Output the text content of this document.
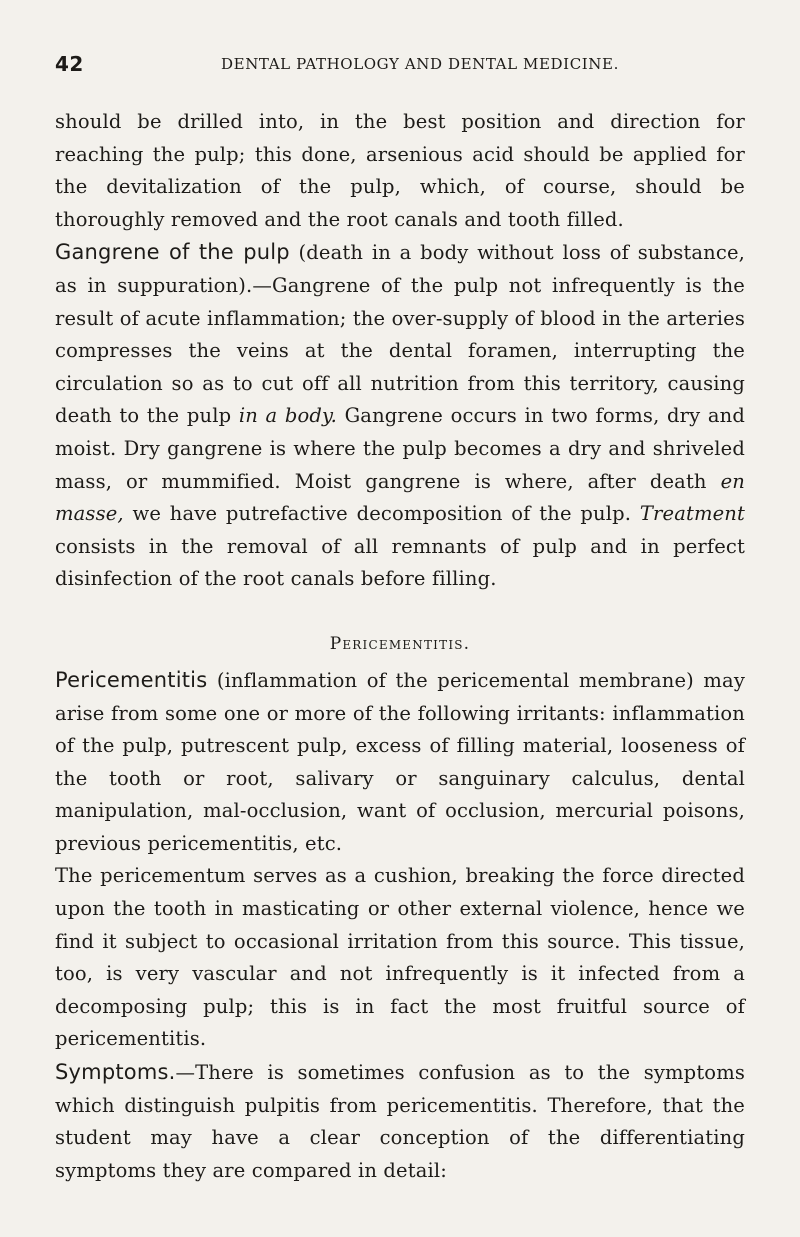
42	DENTAL PATHOLOGY AND DENTAL MEDICINE.

should be drilled into, in the best position and direction for reaching the pulp; this done, arsenious acid should be applied for the devitalization of the pulp, which, of course, should be thoroughly removed and the root canals and tooth filled.

Gangrene of the pulp (death in a body without loss of substance, as in suppuration).—Gangrene of the pulp not infrequently is the result of acute inflammation; the over-supply of blood in the arteries compresses the veins at the dental foramen, interrupting the circulation so as to cut off all nutrition from this territory, causing death to the pulp in a body. Gangrene occurs in two forms, dry and moist. Dry gangrene is where the pulp becomes a dry and shriveled mass, or mummified. Moist gangrene is where, after death en masse, we have putrefactive decomposition of the pulp. Treatment consists in the removal of all remnants of pulp and in perfect disinfection of the root canals before filling.

Pericementitis.

Pericementitis (inflammation of the pericemental membrane) may arise from some one or more of the following irritants: inflammation of the pulp, putrescent pulp, excess of filling material, looseness of the tooth or root, salivary or sanguinary calculus, dental manipulation, mal-occlusion, want of occlusion, mercurial poisons, previous pericementitis, etc.

The pericementum serves as a cushion, breaking the force directed upon the tooth in masticating or other external violence, hence we find it subject to occasional irritation from this source. This tissue, too, is very vascular and not infrequently is it infected from a decomposing pulp; this is in fact the most fruitful source of pericementitis.

Symptoms.—There is sometimes confusion as to the symptoms which distinguish pulpitis from pericementitis. Therefore, that the student may have a clear conception of the differentiating symptoms they are compared in detail:
